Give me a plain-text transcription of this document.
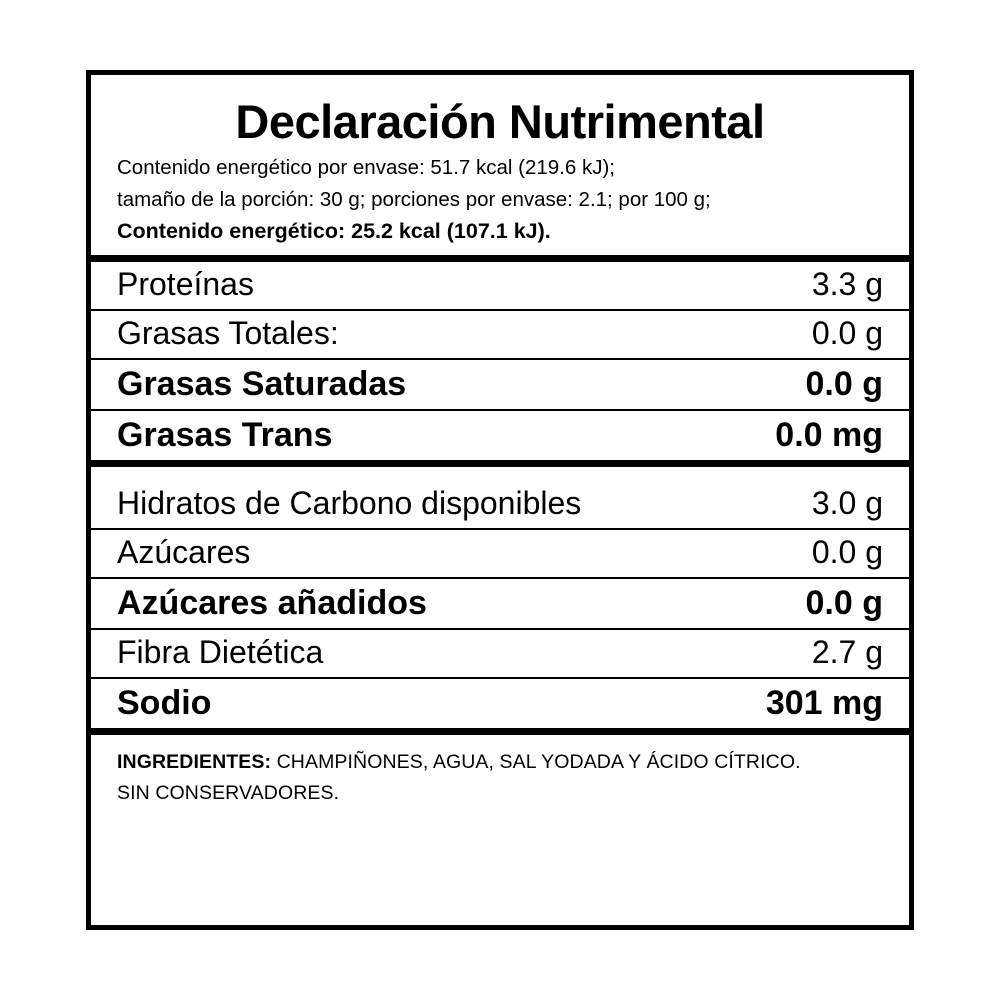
Declaración Nutrimental
Contenido energético por envase: 51.7 kcal (219.6 kJ);
tamaño de la porción: 30 g; porciones por envase: 2.1; por 100 g;
Contenido energético: 25.2 kcal (107.1 kJ).
Proteínas	3.3 g
Grasas Totales:	0.0 g
Grasas Saturadas	0.0 g
Grasas Trans	0.0 mg
Hidratos de Carbono disponibles	3.0 g
Azúcares	0.0 g
Azúcares añadidos	0.0 g
Fibra Dietética	2.7 g
Sodio	301 mg
INGREDIENTES: CHAMPIÑONES, AGUA, SAL YODADA Y ÁCIDO CÍTRICO.
SIN CONSERVADORES.
